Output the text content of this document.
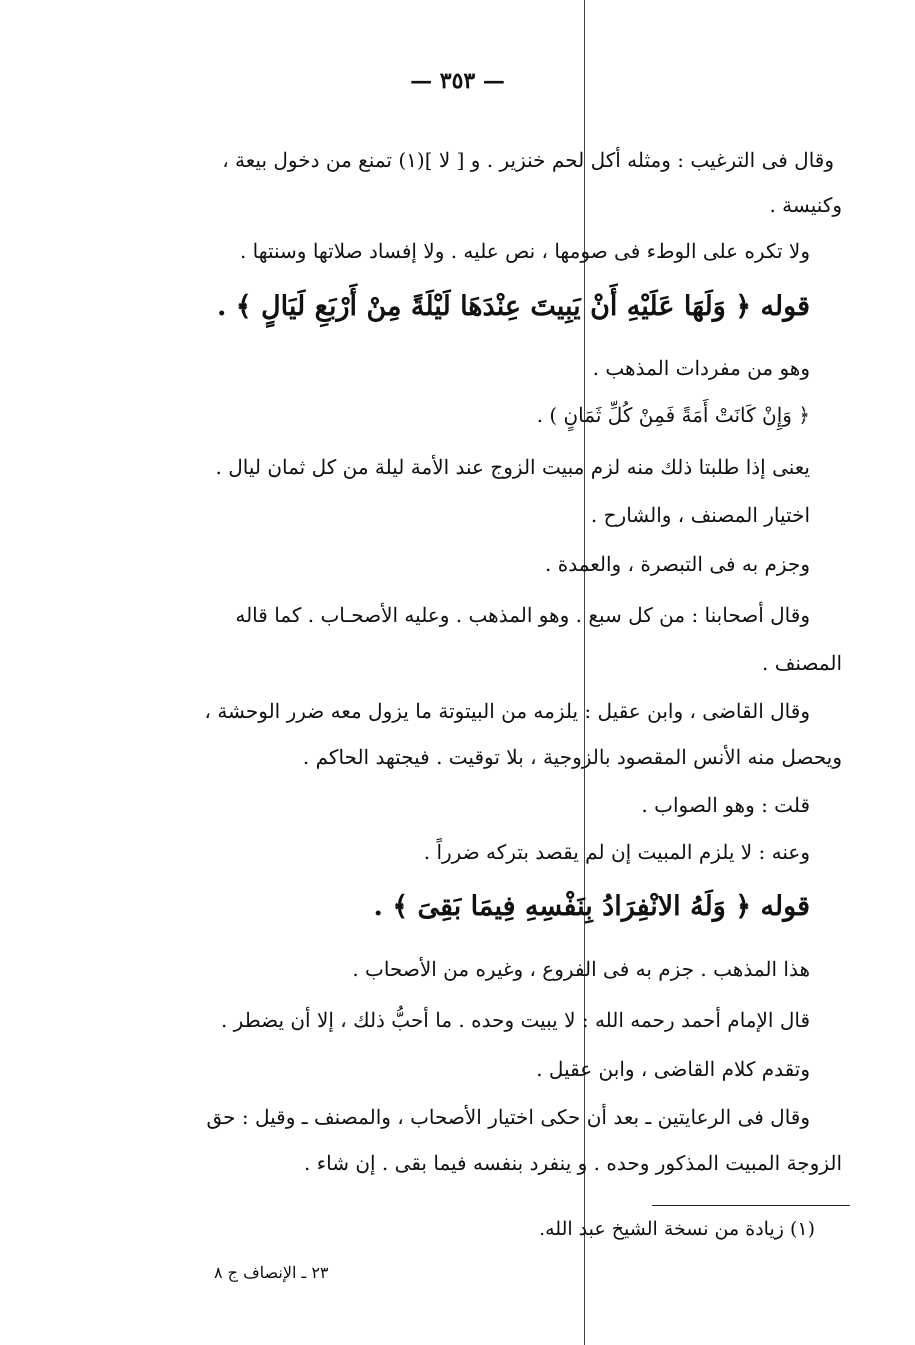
— ٣٥٣ —
وقال فى الترغيب : ومثله أكل لحم خنزير . و [ لا ](١) تمنع من دخول بيعة ،
وكنيسة .
ولا تكره على الوطء فى صومها ، نص عليه . ولا إفساد صلاتها وسنتها .
قوله ﴿ وَلَهَا عَلَيْهِ أَنْ يَبِيتَ عِنْدَهَا لَيْلَةً مِنْ أَرْبَعِ لَيَالٍ ﴾ .
وهو من مفردات المذهب .
﴿ وَإِنْ كَانَتْ أَمَةً فَمِنْ كُلِّ ثَمَانٍ ) .
يعنى إذا طلبتا ذلك منه لزم مبيت الزوج عند الأمة ليلة من كل ثمان ليال .
اختيار المصنف ، والشارح .
وجزم به فى التبصرة ، والعمدة .
وقال أصحابنا : من كل سبع . وهو المذهب . وعليه الأصحـاب . كما قاله
المصنف .
وقال القاضى ، وابن عقيل : يلزمه من البيتوتة ما يزول معه ضرر الوحشة ،
ويحصل منه الأنس المقصود بالزوجية ، بلا توقيت . فيجتهد الحاكم .
قلت : وهو الصواب .
وعنه : لا يلزم المبيت إن لم يقصد بتركه ضرراً .
قوله ﴿ وَلَهُ الانْفِرَادُ بِنَفْسِهِ فِيمَا بَقِىَ ﴾ .
هذا المذهب . جزم به فى الفروع ، وغيره من الأصحاب .
قال الإمام أحمد رحمه الله : لا يبيت وحده . ما أحبُّ ذلك ، إلا أن يضطر .
وتقدم كلام القاضى ، وابن عقيل .
وقال فى الرعايتين ـ بعد أن حكى اختيار الأصحاب ، والمصنف ـ وقيل : حق
الزوجة المبيت المذكور وحده . و ينفرد بنفسه فيما بقى . إن شاء .
(١) زيادة من نسخة الشيخ عبد الله.
٢٣ ـ الإنصاف ج ٨
